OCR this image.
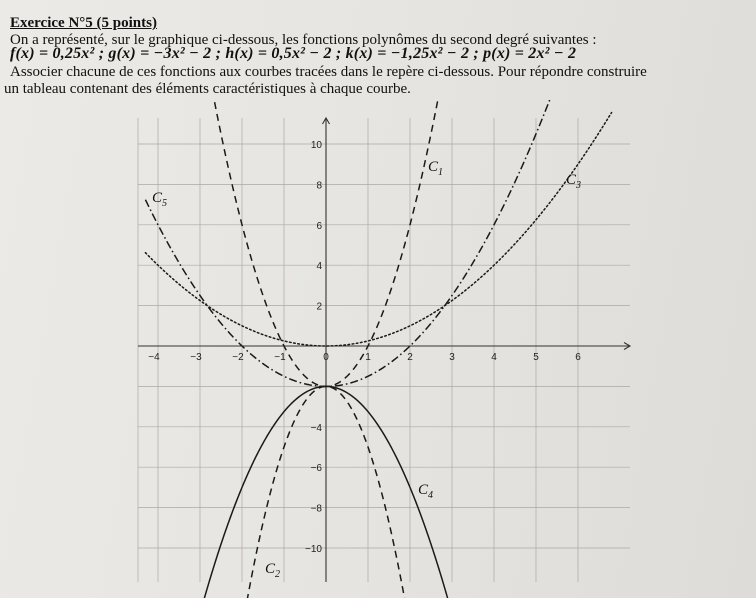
Exercice N°5 (5 points)
On a représenté, sur le graphique ci-dessous, les fonctions polynômes du second degré suivantes :
f(x) = 0,25x² ; g(x) = −3x² − 2 ; h(x) = 0,5x² − 2 ; k(x) = −1,25x² − 2 ; p(x) = 2x² − 2
Associer chacune de ces fonctions aux courbes tracées dans le repère ci-dessous. Pour répondre construire
un tableau contenant des éléments caractéristiques à chaque courbe.
−4	−3	−2	−1	0	1	2	3	4	5	6
−10
−8
−6
−4
2
4
6
8
10
$C_1$
$C_2$
$C_3$
$C_4$
$C_5$
